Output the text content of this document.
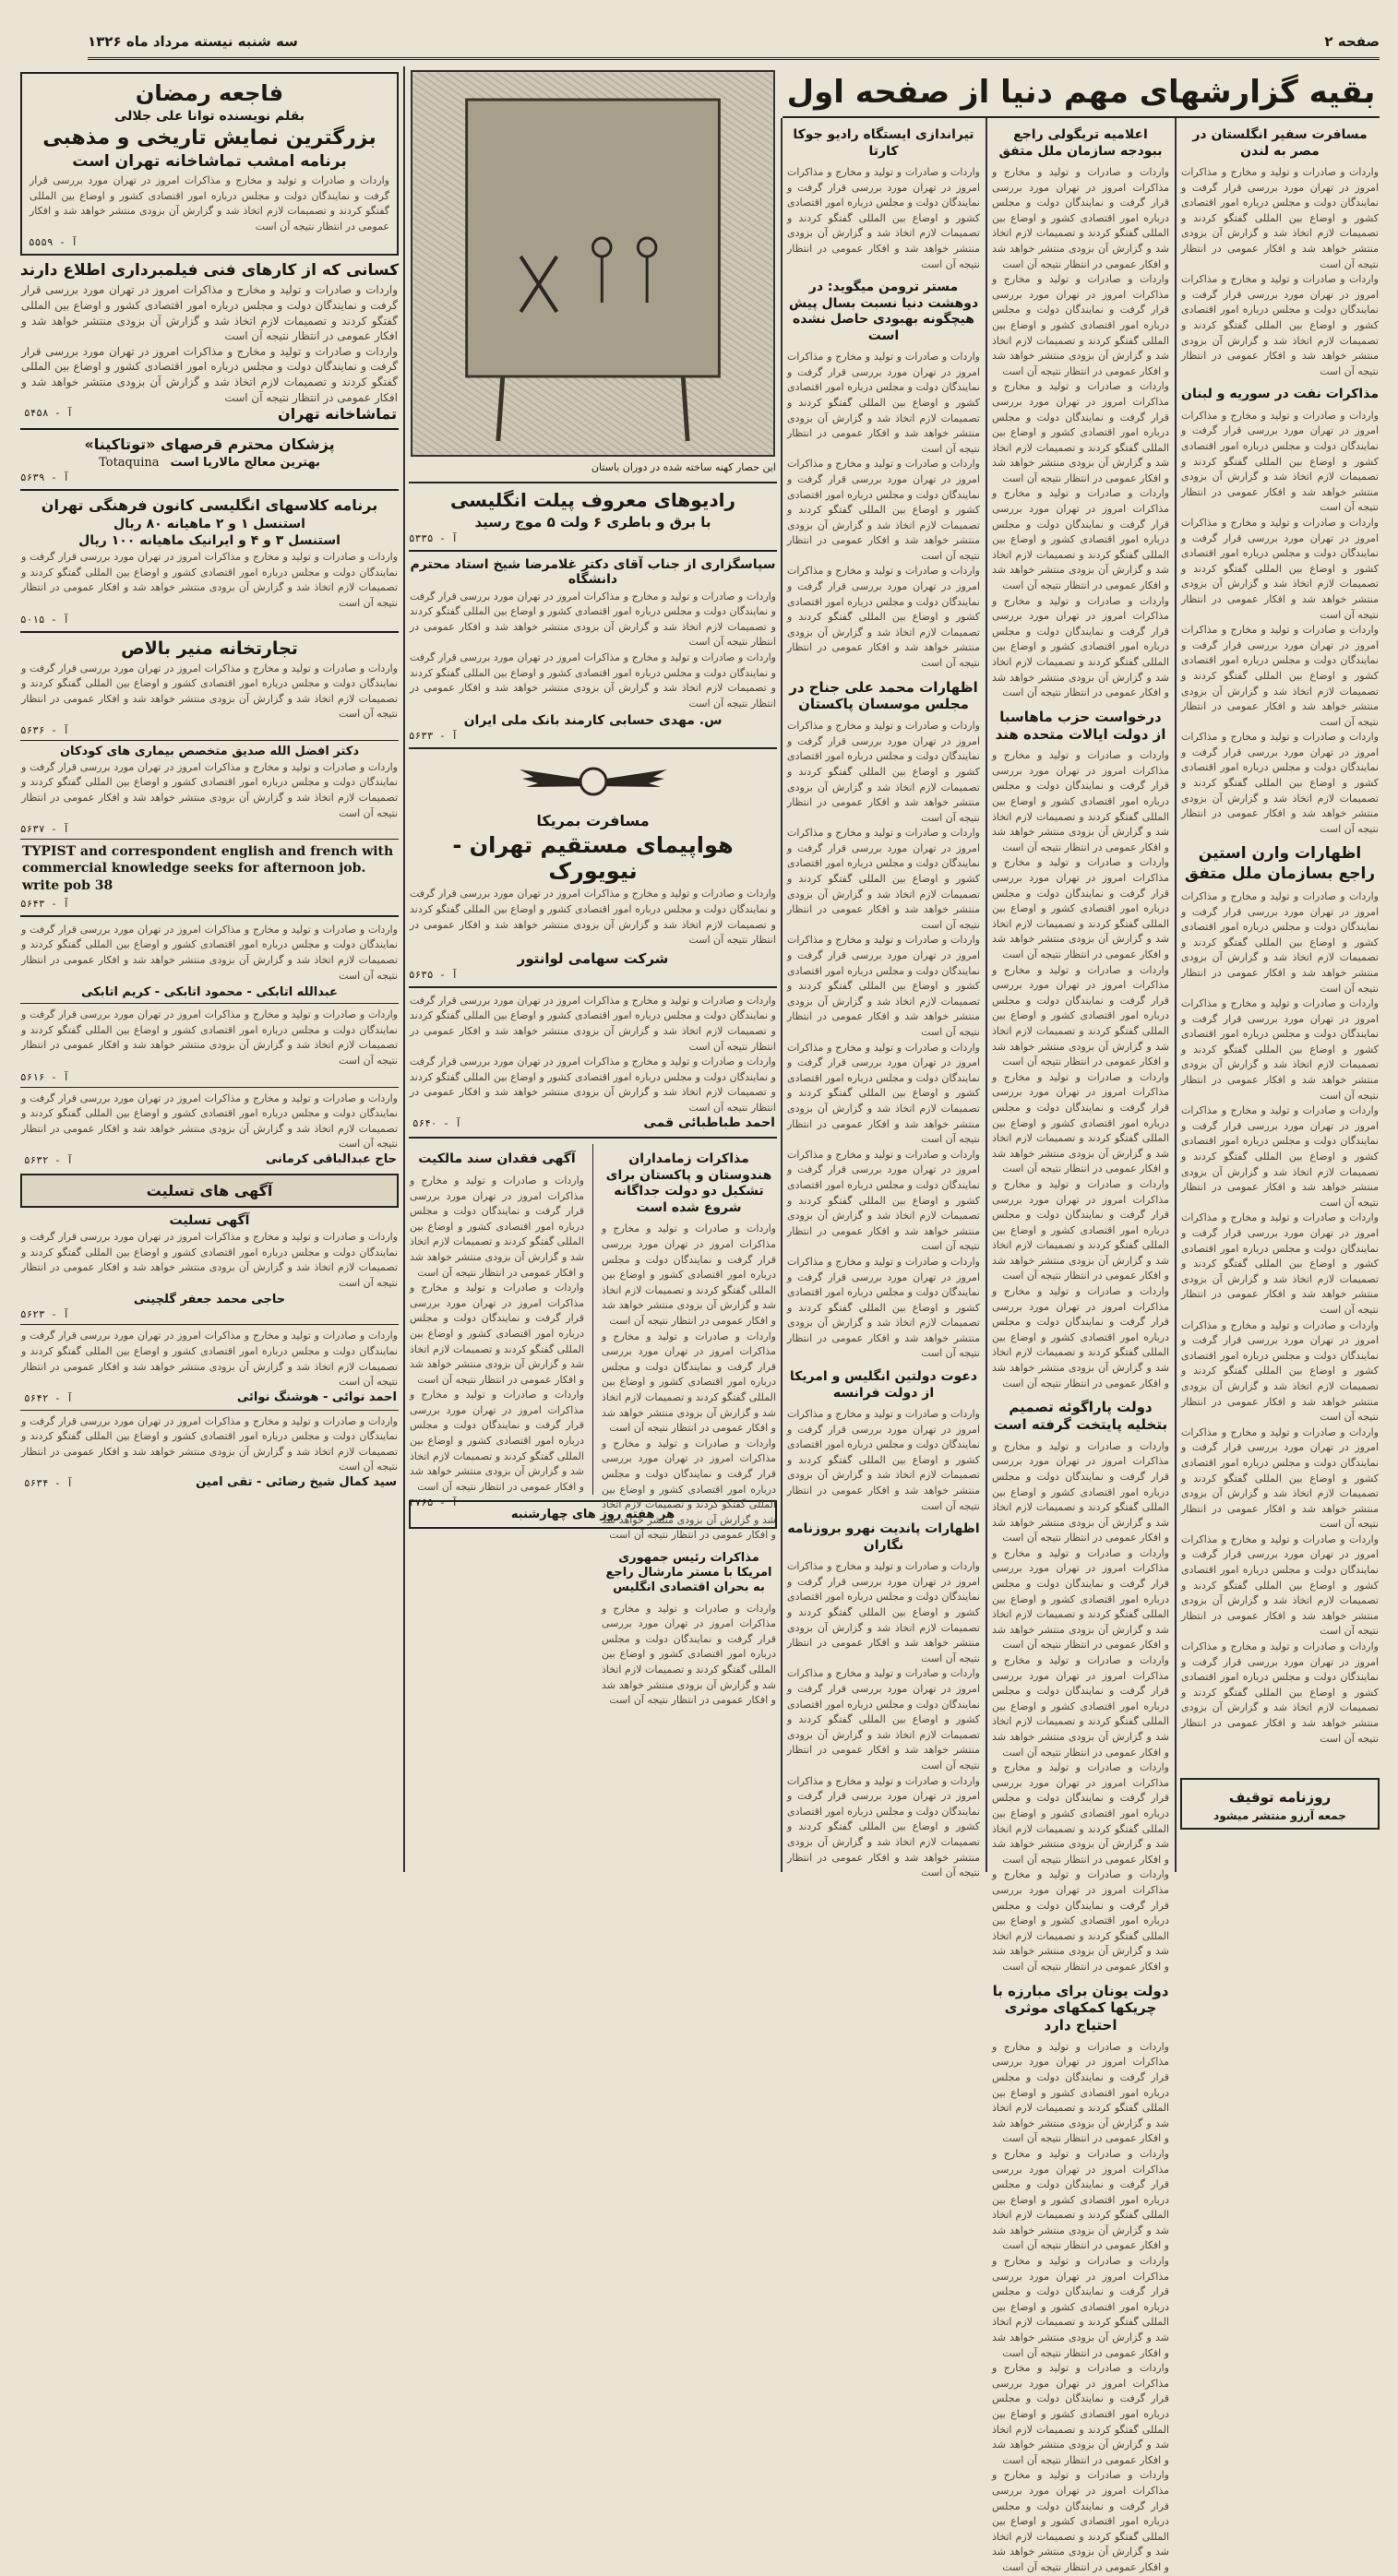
صفحه ۲
سه شنبه نیسته مرداد ماه ۱۳۲۶
بقیه گزارشهای مهم دنیا از صفحه اول
مسافرت سفیر انگلستان در مصر به لندن
واردات و صادرات و تولید و مخارج و مذاکرات امروز در تهران مورد بررسی قرار گرفت و نمایندگان دولت و مجلس درباره امور اقتصادی کشور و اوضاع بین المللی گفتگو کردند و تصمیمات لازم اتخاذ شد و گزارش آن بزودی منتشر خواهد شد و افکار عمومی در انتظار نتیجه آن است
واردات و صادرات و تولید و مخارج و مذاکرات امروز در تهران مورد بررسی قرار گرفت و نمایندگان دولت و مجلس درباره امور اقتصادی کشور و اوضاع بین المللی گفتگو کردند و تصمیمات لازم اتخاذ شد و گزارش آن بزودی منتشر خواهد شد و افکار عمومی در انتظار نتیجه آن است
مذاکرات نفت در سوریه و لبنان
واردات و صادرات و تولید و مخارج و مذاکرات امروز در تهران مورد بررسی قرار گرفت و نمایندگان دولت و مجلس درباره امور اقتصادی کشور و اوضاع بین المللی گفتگو کردند و تصمیمات لازم اتخاذ شد و گزارش آن بزودی منتشر خواهد شد و افکار عمومی در انتظار نتیجه آن است
واردات و صادرات و تولید و مخارج و مذاکرات امروز در تهران مورد بررسی قرار گرفت و نمایندگان دولت و مجلس درباره امور اقتصادی کشور و اوضاع بین المللی گفتگو کردند و تصمیمات لازم اتخاذ شد و گزارش آن بزودی منتشر خواهد شد و افکار عمومی در انتظار نتیجه آن است
واردات و صادرات و تولید و مخارج و مذاکرات امروز در تهران مورد بررسی قرار گرفت و نمایندگان دولت و مجلس درباره امور اقتصادی کشور و اوضاع بین المللی گفتگو کردند و تصمیمات لازم اتخاذ شد و گزارش آن بزودی منتشر خواهد شد و افکار عمومی در انتظار نتیجه آن است
واردات و صادرات و تولید و مخارج و مذاکرات امروز در تهران مورد بررسی قرار گرفت و نمایندگان دولت و مجلس درباره امور اقتصادی کشور و اوضاع بین المللی گفتگو کردند و تصمیمات لازم اتخاذ شد و گزارش آن بزودی منتشر خواهد شد و افکار عمومی در انتظار نتیجه آن است
اظهارات وارن استین راجع بسازمان ملل متفق
واردات و صادرات و تولید و مخارج و مذاکرات امروز در تهران مورد بررسی قرار گرفت و نمایندگان دولت و مجلس درباره امور اقتصادی کشور و اوضاع بین المللی گفتگو کردند و تصمیمات لازم اتخاذ شد و گزارش آن بزودی منتشر خواهد شد و افکار عمومی در انتظار نتیجه آن است
واردات و صادرات و تولید و مخارج و مذاکرات امروز در تهران مورد بررسی قرار گرفت و نمایندگان دولت و مجلس درباره امور اقتصادی کشور و اوضاع بین المللی گفتگو کردند و تصمیمات لازم اتخاذ شد و گزارش آن بزودی منتشر خواهد شد و افکار عمومی در انتظار نتیجه آن است
واردات و صادرات و تولید و مخارج و مذاکرات امروز در تهران مورد بررسی قرار گرفت و نمایندگان دولت و مجلس درباره امور اقتصادی کشور و اوضاع بین المللی گفتگو کردند و تصمیمات لازم اتخاذ شد و گزارش آن بزودی منتشر خواهد شد و افکار عمومی در انتظار نتیجه آن است
واردات و صادرات و تولید و مخارج و مذاکرات امروز در تهران مورد بررسی قرار گرفت و نمایندگان دولت و مجلس درباره امور اقتصادی کشور و اوضاع بین المللی گفتگو کردند و تصمیمات لازم اتخاذ شد و گزارش آن بزودی منتشر خواهد شد و افکار عمومی در انتظار نتیجه آن است
واردات و صادرات و تولید و مخارج و مذاکرات امروز در تهران مورد بررسی قرار گرفت و نمایندگان دولت و مجلس درباره امور اقتصادی کشور و اوضاع بین المللی گفتگو کردند و تصمیمات لازم اتخاذ شد و گزارش آن بزودی منتشر خواهد شد و افکار عمومی در انتظار نتیجه آن است
واردات و صادرات و تولید و مخارج و مذاکرات امروز در تهران مورد بررسی قرار گرفت و نمایندگان دولت و مجلس درباره امور اقتصادی کشور و اوضاع بین المللی گفتگو کردند و تصمیمات لازم اتخاذ شد و گزارش آن بزودی منتشر خواهد شد و افکار عمومی در انتظار نتیجه آن است
واردات و صادرات و تولید و مخارج و مذاکرات امروز در تهران مورد بررسی قرار گرفت و نمایندگان دولت و مجلس درباره امور اقتصادی کشور و اوضاع بین المللی گفتگو کردند و تصمیمات لازم اتخاذ شد و گزارش آن بزودی منتشر خواهد شد و افکار عمومی در انتظار نتیجه آن است
واردات و صادرات و تولید و مخارج و مذاکرات امروز در تهران مورد بررسی قرار گرفت و نمایندگان دولت و مجلس درباره امور اقتصادی کشور و اوضاع بین المللی گفتگو کردند و تصمیمات لازم اتخاذ شد و گزارش آن بزودی منتشر خواهد شد و افکار عمومی در انتظار نتیجه آن است
روزنامه توقیف
جمعه آرزو منتشر میشود
اعلامیه تریگولی راجع ببودجه سازمان ملل متفق
واردات و صادرات و تولید و مخارج و مذاکرات امروز در تهران مورد بررسی قرار گرفت و نمایندگان دولت و مجلس درباره امور اقتصادی کشور و اوضاع بین المللی گفتگو کردند و تصمیمات لازم اتخاذ شد و گزارش آن بزودی منتشر خواهد شد و افکار عمومی در انتظار نتیجه آن است
واردات و صادرات و تولید و مخارج و مذاکرات امروز در تهران مورد بررسی قرار گرفت و نمایندگان دولت و مجلس درباره امور اقتصادی کشور و اوضاع بین المللی گفتگو کردند و تصمیمات لازم اتخاذ شد و گزارش آن بزودی منتشر خواهد شد و افکار عمومی در انتظار نتیجه آن است
واردات و صادرات و تولید و مخارج و مذاکرات امروز در تهران مورد بررسی قرار گرفت و نمایندگان دولت و مجلس درباره امور اقتصادی کشور و اوضاع بین المللی گفتگو کردند و تصمیمات لازم اتخاذ شد و گزارش آن بزودی منتشر خواهد شد و افکار عمومی در انتظار نتیجه آن است
واردات و صادرات و تولید و مخارج و مذاکرات امروز در تهران مورد بررسی قرار گرفت و نمایندگان دولت و مجلس درباره امور اقتصادی کشور و اوضاع بین المللی گفتگو کردند و تصمیمات لازم اتخاذ شد و گزارش آن بزودی منتشر خواهد شد و افکار عمومی در انتظار نتیجه آن است
واردات و صادرات و تولید و مخارج و مذاکرات امروز در تهران مورد بررسی قرار گرفت و نمایندگان دولت و مجلس درباره امور اقتصادی کشور و اوضاع بین المللی گفتگو کردند و تصمیمات لازم اتخاذ شد و گزارش آن بزودی منتشر خواهد شد و افکار عمومی در انتظار نتیجه آن است
درخواست حزب ماهاسبا از دولت ایالات متحده هند
واردات و صادرات و تولید و مخارج و مذاکرات امروز در تهران مورد بررسی قرار گرفت و نمایندگان دولت و مجلس درباره امور اقتصادی کشور و اوضاع بین المللی گفتگو کردند و تصمیمات لازم اتخاذ شد و گزارش آن بزودی منتشر خواهد شد و افکار عمومی در انتظار نتیجه آن است
واردات و صادرات و تولید و مخارج و مذاکرات امروز در تهران مورد بررسی قرار گرفت و نمایندگان دولت و مجلس درباره امور اقتصادی کشور و اوضاع بین المللی گفتگو کردند و تصمیمات لازم اتخاذ شد و گزارش آن بزودی منتشر خواهد شد و افکار عمومی در انتظار نتیجه آن است
واردات و صادرات و تولید و مخارج و مذاکرات امروز در تهران مورد بررسی قرار گرفت و نمایندگان دولت و مجلس درباره امور اقتصادی کشور و اوضاع بین المللی گفتگو کردند و تصمیمات لازم اتخاذ شد و گزارش آن بزودی منتشر خواهد شد و افکار عمومی در انتظار نتیجه آن است
واردات و صادرات و تولید و مخارج و مذاکرات امروز در تهران مورد بررسی قرار گرفت و نمایندگان دولت و مجلس درباره امور اقتصادی کشور و اوضاع بین المللی گفتگو کردند و تصمیمات لازم اتخاذ شد و گزارش آن بزودی منتشر خواهد شد و افکار عمومی در انتظار نتیجه آن است
واردات و صادرات و تولید و مخارج و مذاکرات امروز در تهران مورد بررسی قرار گرفت و نمایندگان دولت و مجلس درباره امور اقتصادی کشور و اوضاع بین المللی گفتگو کردند و تصمیمات لازم اتخاذ شد و گزارش آن بزودی منتشر خواهد شد و افکار عمومی در انتظار نتیجه آن است
واردات و صادرات و تولید و مخارج و مذاکرات امروز در تهران مورد بررسی قرار گرفت و نمایندگان دولت و مجلس درباره امور اقتصادی کشور و اوضاع بین المللی گفتگو کردند و تصمیمات لازم اتخاذ شد و گزارش آن بزودی منتشر خواهد شد و افکار عمومی در انتظار نتیجه آن است
دولت پاراگوئه تصمیم بتخلیه پایتخت گرفته است
واردات و صادرات و تولید و مخارج و مذاکرات امروز در تهران مورد بررسی قرار گرفت و نمایندگان دولت و مجلس درباره امور اقتصادی کشور و اوضاع بین المللی گفتگو کردند و تصمیمات لازم اتخاذ شد و گزارش آن بزودی منتشر خواهد شد و افکار عمومی در انتظار نتیجه آن است
واردات و صادرات و تولید و مخارج و مذاکرات امروز در تهران مورد بررسی قرار گرفت و نمایندگان دولت و مجلس درباره امور اقتصادی کشور و اوضاع بین المللی گفتگو کردند و تصمیمات لازم اتخاذ شد و گزارش آن بزودی منتشر خواهد شد و افکار عمومی در انتظار نتیجه آن است
واردات و صادرات و تولید و مخارج و مذاکرات امروز در تهران مورد بررسی قرار گرفت و نمایندگان دولت و مجلس درباره امور اقتصادی کشور و اوضاع بین المللی گفتگو کردند و تصمیمات لازم اتخاذ شد و گزارش آن بزودی منتشر خواهد شد و افکار عمومی در انتظار نتیجه آن است
واردات و صادرات و تولید و مخارج و مذاکرات امروز در تهران مورد بررسی قرار گرفت و نمایندگان دولت و مجلس درباره امور اقتصادی کشور و اوضاع بین المللی گفتگو کردند و تصمیمات لازم اتخاذ شد و گزارش آن بزودی منتشر خواهد شد و افکار عمومی در انتظار نتیجه آن است
واردات و صادرات و تولید و مخارج و مذاکرات امروز در تهران مورد بررسی قرار گرفت و نمایندگان دولت و مجلس درباره امور اقتصادی کشور و اوضاع بین المللی گفتگو کردند و تصمیمات لازم اتخاذ شد و گزارش آن بزودی منتشر خواهد شد و افکار عمومی در انتظار نتیجه آن است
دولت یونان برای مبارزه با چریکها کمکهای موثری احتیاج دارد
واردات و صادرات و تولید و مخارج و مذاکرات امروز در تهران مورد بررسی قرار گرفت و نمایندگان دولت و مجلس درباره امور اقتصادی کشور و اوضاع بین المللی گفتگو کردند و تصمیمات لازم اتخاذ شد و گزارش آن بزودی منتشر خواهد شد و افکار عمومی در انتظار نتیجه آن است
واردات و صادرات و تولید و مخارج و مذاکرات امروز در تهران مورد بررسی قرار گرفت و نمایندگان دولت و مجلس درباره امور اقتصادی کشور و اوضاع بین المللی گفتگو کردند و تصمیمات لازم اتخاذ شد و گزارش آن بزودی منتشر خواهد شد و افکار عمومی در انتظار نتیجه آن است
واردات و صادرات و تولید و مخارج و مذاکرات امروز در تهران مورد بررسی قرار گرفت و نمایندگان دولت و مجلس درباره امور اقتصادی کشور و اوضاع بین المللی گفتگو کردند و تصمیمات لازم اتخاذ شد و گزارش آن بزودی منتشر خواهد شد و افکار عمومی در انتظار نتیجه آن است
واردات و صادرات و تولید و مخارج و مذاکرات امروز در تهران مورد بررسی قرار گرفت و نمایندگان دولت و مجلس درباره امور اقتصادی کشور و اوضاع بین المللی گفتگو کردند و تصمیمات لازم اتخاذ شد و گزارش آن بزودی منتشر خواهد شد و افکار عمومی در انتظار نتیجه آن است
واردات و صادرات و تولید و مخارج و مذاکرات امروز در تهران مورد بررسی قرار گرفت و نمایندگان دولت و مجلس درباره امور اقتصادی کشور و اوضاع بین المللی گفتگو کردند و تصمیمات لازم اتخاذ شد و گزارش آن بزودی منتشر خواهد شد و افکار عمومی در انتظار نتیجه آن است
تیراندازی ایستگاه رادیو جوکا کارتا
واردات و صادرات و تولید و مخارج و مذاکرات امروز در تهران مورد بررسی قرار گرفت و نمایندگان دولت و مجلس درباره امور اقتصادی کشور و اوضاع بین المللی گفتگو کردند و تصمیمات لازم اتخاذ شد و گزارش آن بزودی منتشر خواهد شد و افکار عمومی در انتظار نتیجه آن است
مستر ترومن میگوید: در دوهشت دنیا نسبت بسال پیش هیچگونه بهبودی حاصل نشده است
واردات و صادرات و تولید و مخارج و مذاکرات امروز در تهران مورد بررسی قرار گرفت و نمایندگان دولت و مجلس درباره امور اقتصادی کشور و اوضاع بین المللی گفتگو کردند و تصمیمات لازم اتخاذ شد و گزارش آن بزودی منتشر خواهد شد و افکار عمومی در انتظار نتیجه آن است
واردات و صادرات و تولید و مخارج و مذاکرات امروز در تهران مورد بررسی قرار گرفت و نمایندگان دولت و مجلس درباره امور اقتصادی کشور و اوضاع بین المللی گفتگو کردند و تصمیمات لازم اتخاذ شد و گزارش آن بزودی منتشر خواهد شد و افکار عمومی در انتظار نتیجه آن است
واردات و صادرات و تولید و مخارج و مذاکرات امروز در تهران مورد بررسی قرار گرفت و نمایندگان دولت و مجلس درباره امور اقتصادی کشور و اوضاع بین المللی گفتگو کردند و تصمیمات لازم اتخاذ شد و گزارش آن بزودی منتشر خواهد شد و افکار عمومی در انتظار نتیجه آن است
اظهارات محمد علی جناح در مجلس موسسان پاکستان
واردات و صادرات و تولید و مخارج و مذاکرات امروز در تهران مورد بررسی قرار گرفت و نمایندگان دولت و مجلس درباره امور اقتصادی کشور و اوضاع بین المللی گفتگو کردند و تصمیمات لازم اتخاذ شد و گزارش آن بزودی منتشر خواهد شد و افکار عمومی در انتظار نتیجه آن است
واردات و صادرات و تولید و مخارج و مذاکرات امروز در تهران مورد بررسی قرار گرفت و نمایندگان دولت و مجلس درباره امور اقتصادی کشور و اوضاع بین المللی گفتگو کردند و تصمیمات لازم اتخاذ شد و گزارش آن بزودی منتشر خواهد شد و افکار عمومی در انتظار نتیجه آن است
واردات و صادرات و تولید و مخارج و مذاکرات امروز در تهران مورد بررسی قرار گرفت و نمایندگان دولت و مجلس درباره امور اقتصادی کشور و اوضاع بین المللی گفتگو کردند و تصمیمات لازم اتخاذ شد و گزارش آن بزودی منتشر خواهد شد و افکار عمومی در انتظار نتیجه آن است
واردات و صادرات و تولید و مخارج و مذاکرات امروز در تهران مورد بررسی قرار گرفت و نمایندگان دولت و مجلس درباره امور اقتصادی کشور و اوضاع بین المللی گفتگو کردند و تصمیمات لازم اتخاذ شد و گزارش آن بزودی منتشر خواهد شد و افکار عمومی در انتظار نتیجه آن است
واردات و صادرات و تولید و مخارج و مذاکرات امروز در تهران مورد بررسی قرار گرفت و نمایندگان دولت و مجلس درباره امور اقتصادی کشور و اوضاع بین المللی گفتگو کردند و تصمیمات لازم اتخاذ شد و گزارش آن بزودی منتشر خواهد شد و افکار عمومی در انتظار نتیجه آن است
واردات و صادرات و تولید و مخارج و مذاکرات امروز در تهران مورد بررسی قرار گرفت و نمایندگان دولت و مجلس درباره امور اقتصادی کشور و اوضاع بین المللی گفتگو کردند و تصمیمات لازم اتخاذ شد و گزارش آن بزودی منتشر خواهد شد و افکار عمومی در انتظار نتیجه آن است
دعوت دولتین انگلیس و امریکا از دولت فرانسه
واردات و صادرات و تولید و مخارج و مذاکرات امروز در تهران مورد بررسی قرار گرفت و نمایندگان دولت و مجلس درباره امور اقتصادی کشور و اوضاع بین المللی گفتگو کردند و تصمیمات لازم اتخاذ شد و گزارش آن بزودی منتشر خواهد شد و افکار عمومی در انتظار نتیجه آن است
اظهارات پاندیت نهرو بروزنامه نگاران
واردات و صادرات و تولید و مخارج و مذاکرات امروز در تهران مورد بررسی قرار گرفت و نمایندگان دولت و مجلس درباره امور اقتصادی کشور و اوضاع بین المللی گفتگو کردند و تصمیمات لازم اتخاذ شد و گزارش آن بزودی منتشر خواهد شد و افکار عمومی در انتظار نتیجه آن است
واردات و صادرات و تولید و مخارج و مذاکرات امروز در تهران مورد بررسی قرار گرفت و نمایندگان دولت و مجلس درباره امور اقتصادی کشور و اوضاع بین المللی گفتگو کردند و تصمیمات لازم اتخاذ شد و گزارش آن بزودی منتشر خواهد شد و افکار عمومی در انتظار نتیجه آن است
واردات و صادرات و تولید و مخارج و مذاکرات امروز در تهران مورد بررسی قرار گرفت و نمایندگان دولت و مجلس درباره امور اقتصادی کشور و اوضاع بین المللی گفتگو کردند و تصمیمات لازم اتخاذ شد و گزارش آن بزودی منتشر خواهد شد و افکار عمومی در انتظار نتیجه آن است
این حصار کهنه ساخته شده در دوران باستان
رادیوهای معروف پیلت انگلیسی
با برق و باطری ۶ ولت ۵ موج رسید
آ - ۵۳۳۵
سپاسگزاری از جناب آقای دکتر غلامرضا شیخ استاد محترم دانشگاه
واردات و صادرات و تولید و مخارج و مذاکرات امروز در تهران مورد بررسی قرار گرفت و نمایندگان دولت و مجلس درباره امور اقتصادی کشور و اوضاع بین المللی گفتگو کردند و تصمیمات لازم اتخاذ شد و گزارش آن بزودی منتشر خواهد شد و افکار عمومی در انتظار نتیجه آن است
واردات و صادرات و تولید و مخارج و مذاکرات امروز در تهران مورد بررسی قرار گرفت و نمایندگان دولت و مجلس درباره امور اقتصادی کشور و اوضاع بین المللی گفتگو کردند و تصمیمات لازم اتخاذ شد و گزارش آن بزودی منتشر خواهد شد و افکار عمومی در انتظار نتیجه آن است
س. مهدی حسابی کارمند بانک ملی ایران
آ - ۵۶۳۳
مسافرت بمریکا
هواپیمای مستقیم تهران - نیویورک
واردات و صادرات و تولید و مخارج و مذاکرات امروز در تهران مورد بررسی قرار گرفت و نمایندگان دولت و مجلس درباره امور اقتصادی کشور و اوضاع بین المللی گفتگو کردند و تصمیمات لازم اتخاذ شد و گزارش آن بزودی منتشر خواهد شد و افکار عمومی در انتظار نتیجه آن است
شرکت سهامی لوانتور
آ - ۵۶۳۵
واردات و صادرات و تولید و مخارج و مذاکرات امروز در تهران مورد بررسی قرار گرفت و نمایندگان دولت و مجلس درباره امور اقتصادی کشور و اوضاع بین المللی گفتگو کردند و تصمیمات لازم اتخاذ شد و گزارش آن بزودی منتشر خواهد شد و افکار عمومی در انتظار نتیجه آن است
واردات و صادرات و تولید و مخارج و مذاکرات امروز در تهران مورد بررسی قرار گرفت و نمایندگان دولت و مجلس درباره امور اقتصادی کشور و اوضاع بین المللی گفتگو کردند و تصمیمات لازم اتخاذ شد و گزارش آن بزودی منتشر خواهد شد و افکار عمومی در انتظار نتیجه آن است
احمد طباطبائی قمی
آ - ۵۶۴۰
مذاکرات زمامداران هندوستان و پاکستان برای تشکیل دو دولت جداگانه شروع شده است
واردات و صادرات و تولید و مخارج و مذاکرات امروز در تهران مورد بررسی قرار گرفت و نمایندگان دولت و مجلس درباره امور اقتصادی کشور و اوضاع بین المللی گفتگو کردند و تصمیمات لازم اتخاذ شد و گزارش آن بزودی منتشر خواهد شد و افکار عمومی در انتظار نتیجه آن است
واردات و صادرات و تولید و مخارج و مذاکرات امروز در تهران مورد بررسی قرار گرفت و نمایندگان دولت و مجلس درباره امور اقتصادی کشور و اوضاع بین المللی گفتگو کردند و تصمیمات لازم اتخاذ شد و گزارش آن بزودی منتشر خواهد شد و افکار عمومی در انتظار نتیجه آن است
واردات و صادرات و تولید و مخارج و مذاکرات امروز در تهران مورد بررسی قرار گرفت و نمایندگان دولت و مجلس درباره امور اقتصادی کشور و اوضاع بین المللی گفتگو کردند و تصمیمات لازم اتخاذ شد و گزارش آن بزودی منتشر خواهد شد و افکار عمومی در انتظار نتیجه آن است
مذاکرات رئیس جمهوری امریکا با مستر مارشال راجع به بحران اقتصادی انگلیس
واردات و صادرات و تولید و مخارج و مذاکرات امروز در تهران مورد بررسی قرار گرفت و نمایندگان دولت و مجلس درباره امور اقتصادی کشور و اوضاع بین المللی گفتگو کردند و تصمیمات لازم اتخاذ شد و گزارش آن بزودی منتشر خواهد شد و افکار عمومی در انتظار نتیجه آن است
آگهی فقدان سند مالکیت
واردات و صادرات و تولید و مخارج و مذاکرات امروز در تهران مورد بررسی قرار گرفت و نمایندگان دولت و مجلس درباره امور اقتصادی کشور و اوضاع بین المللی گفتگو کردند و تصمیمات لازم اتخاذ شد و گزارش آن بزودی منتشر خواهد شد و افکار عمومی در انتظار نتیجه آن است
واردات و صادرات و تولید و مخارج و مذاکرات امروز در تهران مورد بررسی قرار گرفت و نمایندگان دولت و مجلس درباره امور اقتصادی کشور و اوضاع بین المللی گفتگو کردند و تصمیمات لازم اتخاذ شد و گزارش آن بزودی منتشر خواهد شد و افکار عمومی در انتظار نتیجه آن است
واردات و صادرات و تولید و مخارج و مذاکرات امروز در تهران مورد بررسی قرار گرفت و نمایندگان دولت و مجلس درباره امور اقتصادی کشور و اوضاع بین المللی گفتگو کردند و تصمیمات لازم اتخاذ شد و گزارش آن بزودی منتشر خواهد شد و افکار عمومی در انتظار نتیجه آن است
آ - ۴۷۶۵
هر هفته روز های چهارشنبه
فاجعه رمضان
بقلم نویسنده توانا علی جلالی
بزرگترین نمایش تاریخی و مذهبی
برنامه امشب تماشاخانه تهران است
واردات و صادرات و تولید و مخارج و مذاکرات امروز در تهران مورد بررسی قرار گرفت و نمایندگان دولت و مجلس درباره امور اقتصادی کشور و اوضاع بین المللی گفتگو کردند و تصمیمات لازم اتخاذ شد و گزارش آن بزودی منتشر خواهد شد و افکار عمومی در انتظار نتیجه آن است
آ - ۵۵۵۹
کسانی که از کارهای فنی فیلمبرداری اطلاع دارند
واردات و صادرات و تولید و مخارج و مذاکرات امروز در تهران مورد بررسی قرار گرفت و نمایندگان دولت و مجلس درباره امور اقتصادی کشور و اوضاع بین المللی گفتگو کردند و تصمیمات لازم اتخاذ شد و گزارش آن بزودی منتشر خواهد شد و افکار عمومی در انتظار نتیجه آن است
واردات و صادرات و تولید و مخارج و مذاکرات امروز در تهران مورد بررسی قرار گرفت و نمایندگان دولت و مجلس درباره امور اقتصادی کشور و اوضاع بین المللی گفتگو کردند و تصمیمات لازم اتخاذ شد و گزارش آن بزودی منتشر خواهد شد و افکار عمومی در انتظار نتیجه آن است
تماشاخانه تهران
آ - ۵۴۵۸
پزشکان محترم قرصهای «توتاکینا»
بهترین معالج مالاریا است
Totaquina
آ - ۵۶۳۹
برنامه کلاسهای انگلیسی کانون فرهنگی تهران
استنسل ۱ و ۲ ماهیانه ۸۰ ریال
استنسل ۳ و ۴ و ایرانیک ماهیانه ۱۰۰ ریال
واردات و صادرات و تولید و مخارج و مذاکرات امروز در تهران مورد بررسی قرار گرفت و نمایندگان دولت و مجلس درباره امور اقتصادی کشور و اوضاع بین المللی گفتگو کردند و تصمیمات لازم اتخاذ شد و گزارش آن بزودی منتشر خواهد شد و افکار عمومی در انتظار نتیجه آن است
آ - ۵۰۱۵
تجارتخانه منیر بالاص
واردات و صادرات و تولید و مخارج و مذاکرات امروز در تهران مورد بررسی قرار گرفت و نمایندگان دولت و مجلس درباره امور اقتصادی کشور و اوضاع بین المللی گفتگو کردند و تصمیمات لازم اتخاذ شد و گزارش آن بزودی منتشر خواهد شد و افکار عمومی در انتظار نتیجه آن است
آ - ۵۶۳۶
دکتر افضل الله صدیق متخصص بیماری های کودکان
واردات و صادرات و تولید و مخارج و مذاکرات امروز در تهران مورد بررسی قرار گرفت و نمایندگان دولت و مجلس درباره امور اقتصادی کشور و اوضاع بین المللی گفتگو کردند و تصمیمات لازم اتخاذ شد و گزارش آن بزودی منتشر خواهد شد و افکار عمومی در انتظار نتیجه آن است
آ - ۵۶۳۷
TYPIST and correspondent english and french with commercial knowledge seeks for afternoon job. write pob 38
آ - ۵۶۴۳
واردات و صادرات و تولید و مخارج و مذاکرات امروز در تهران مورد بررسی قرار گرفت و نمایندگان دولت و مجلس درباره امور اقتصادی کشور و اوضاع بین المللی گفتگو کردند و تصمیمات لازم اتخاذ شد و گزارش آن بزودی منتشر خواهد شد و افکار عمومی در انتظار نتیجه آن است
عبدالله اتابکی - محمود اتابکی - کریم اتابکی
واردات و صادرات و تولید و مخارج و مذاکرات امروز در تهران مورد بررسی قرار گرفت و نمایندگان دولت و مجلس درباره امور اقتصادی کشور و اوضاع بین المللی گفتگو کردند و تصمیمات لازم اتخاذ شد و گزارش آن بزودی منتشر خواهد شد و افکار عمومی در انتظار نتیجه آن است
آ - ۵۶۱۶
واردات و صادرات و تولید و مخارج و مذاکرات امروز در تهران مورد بررسی قرار گرفت و نمایندگان دولت و مجلس درباره امور اقتصادی کشور و اوضاع بین المللی گفتگو کردند و تصمیمات لازم اتخاذ شد و گزارش آن بزودی منتشر خواهد شد و افکار عمومی در انتظار نتیجه آن است
حاج عبدالباقی کرمانی
آ - ۵۶۳۲
آگهی های تسلیت
آگهی تسلیت
واردات و صادرات و تولید و مخارج و مذاکرات امروز در تهران مورد بررسی قرار گرفت و نمایندگان دولت و مجلس درباره امور اقتصادی کشور و اوضاع بین المللی گفتگو کردند و تصمیمات لازم اتخاذ شد و گزارش آن بزودی منتشر خواهد شد و افکار عمومی در انتظار نتیجه آن است
حاجی محمد جعفر گلچینی
آ - ۵۶۲۳
واردات و صادرات و تولید و مخارج و مذاکرات امروز در تهران مورد بررسی قرار گرفت و نمایندگان دولت و مجلس درباره امور اقتصادی کشور و اوضاع بین المللی گفتگو کردند و تصمیمات لازم اتخاذ شد و گزارش آن بزودی منتشر خواهد شد و افکار عمومی در انتظار نتیجه آن است
احمد نوائی - هوشنگ نوائی
آ - ۵۶۴۲
واردات و صادرات و تولید و مخارج و مذاکرات امروز در تهران مورد بررسی قرار گرفت و نمایندگان دولت و مجلس درباره امور اقتصادی کشور و اوضاع بین المللی گفتگو کردند و تصمیمات لازم اتخاذ شد و گزارش آن بزودی منتشر خواهد شد و افکار عمومی در انتظار نتیجه آن است
سید کمال شیخ رضائی - تقی امین
آ - ۵۶۳۴
